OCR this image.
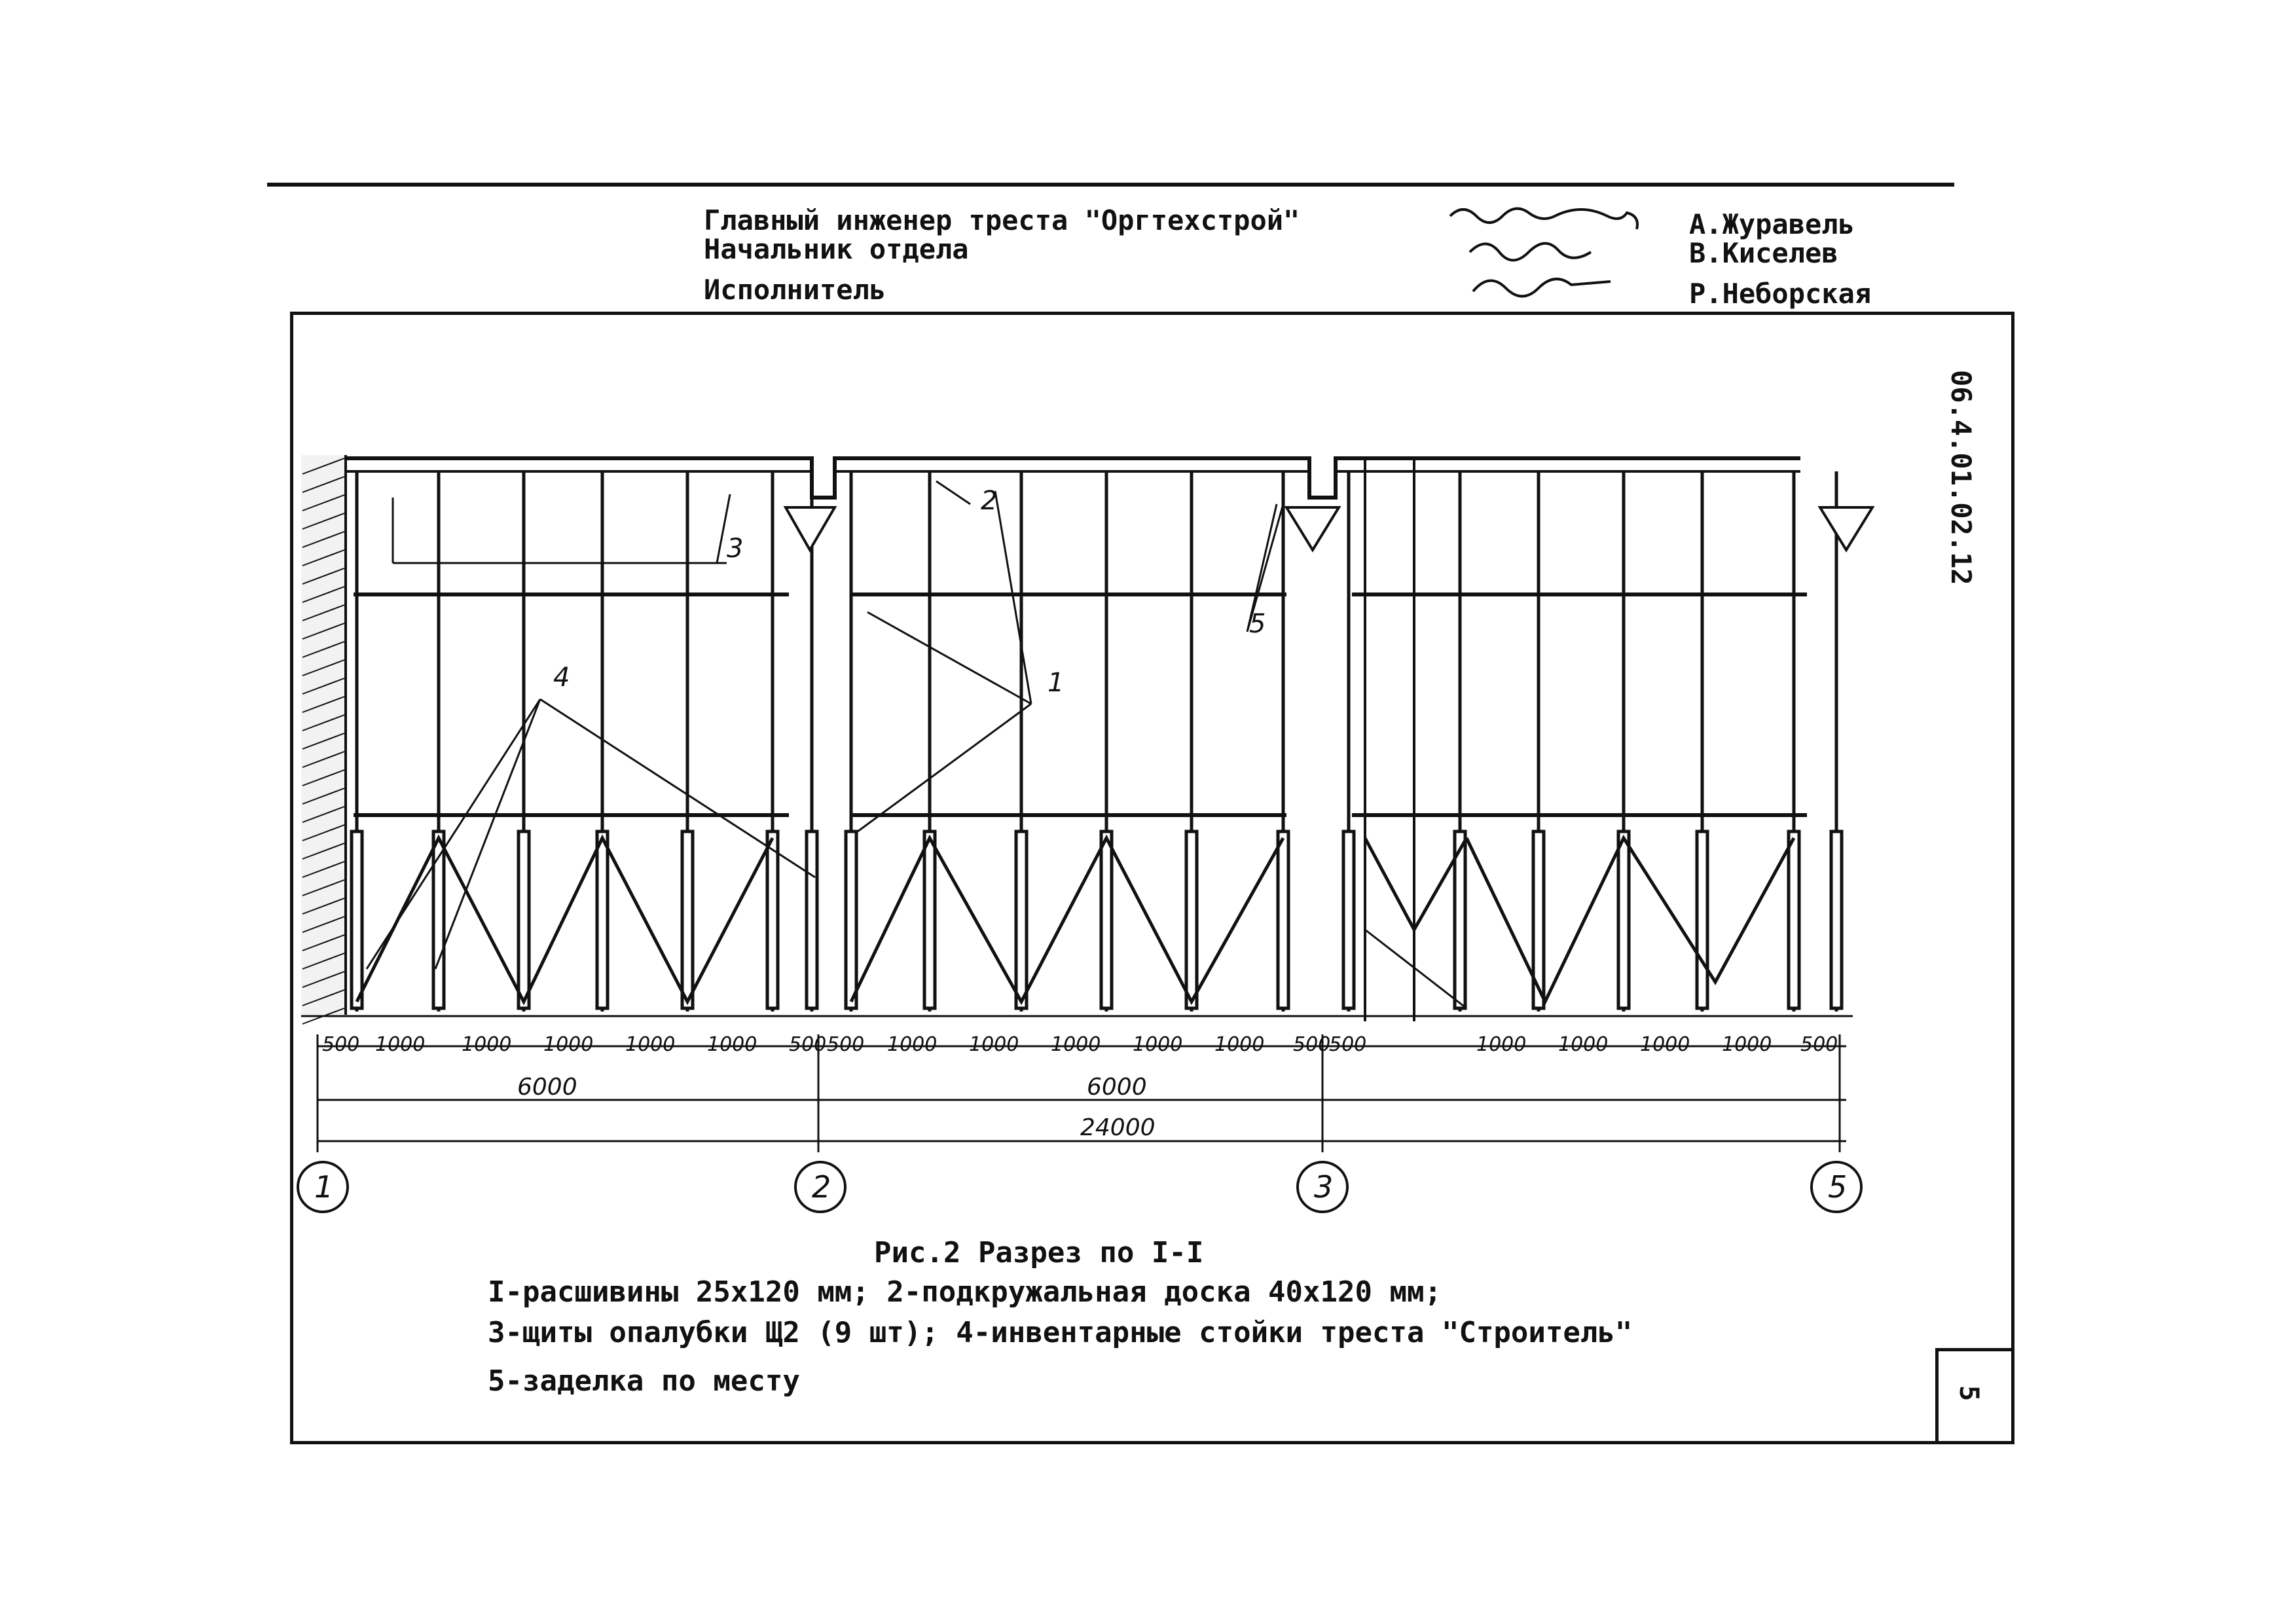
Главный инженер треста "Оргтехстрой"
Начальник отдела
Исполнитель
А.Журавель
В.Киселев
Р.Неборская
06.4.01.02.12
5
1
2
3
4
5
500 1000 1000 1000 1000 1000 500 500 1000 1000 1000 1000 1000 500
500	1000 1000 1000 1000 500
6000	6000
24000
1	2	3	5
Рис.2 Разрез по I-I
I-расшивины 25x120 мм; 2-подкружальная доска 40x120 мм;
3-щиты опалубки Щ2 (9 шт); 4-инвентарные стойки треста "Строитель"
5-заделка по месту
